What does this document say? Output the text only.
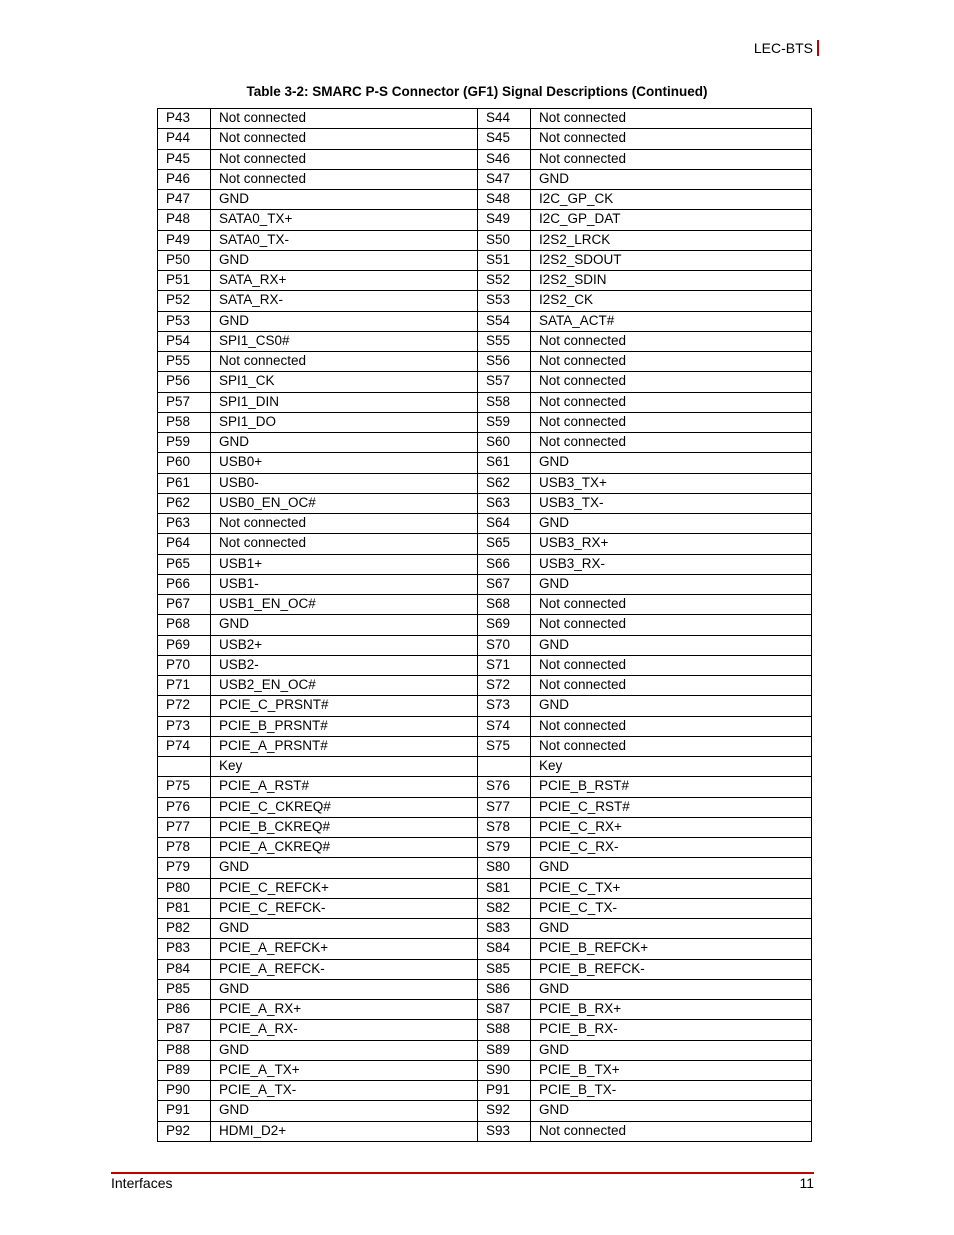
LEC-BTS
Table 3-2: SMARC P-S Connector (GF1) Signal Descriptions (Continued)
P43	Not connected	S44	Not connected
P44	Not connected	S45	Not connected
P45	Not connected	S46	Not connected
P46	Not connected	S47	GND
P47	GND	S48	I2C_GP_CK
P48	SATA0_TX+	S49	I2C_GP_DAT
P49	SATA0_TX-	S50	I2S2_LRCK
P50	GND	S51	I2S2_SDOUT
P51	SATA_RX+	S52	I2S2_SDIN
P52	SATA_RX-	S53	I2S2_CK
P53	GND	S54	SATA_ACT#
P54	SPI1_CS0#	S55	Not connected
P55	Not connected	S56	Not connected
P56	SPI1_CK	S57	Not connected
P57	SPI1_DIN	S58	Not connected
P58	SPI1_DO	S59	Not connected
P59	GND	S60	Not connected
P60	USB0+	S61	GND
P61	USB0-	S62	USB3_TX+
P62	USB0_EN_OC#	S63	USB3_TX-
P63	Not connected	S64	GND
P64	Not connected	S65	USB3_RX+
P65	USB1+	S66	USB3_RX-
P66	USB1-	S67	GND
P67	USB1_EN_OC#	S68	Not connected
P68	GND	S69	Not connected
P69	USB2+	S70	GND
P70	USB2-	S71	Not connected
P71	USB2_EN_OC#	S72	Not connected
P72	PCIE_C_PRSNT#	S73	GND
P73	PCIE_B_PRSNT#	S74	Not connected
P74	PCIE_A_PRSNT#	S75	Not connected
	Key		Key
P75	PCIE_A_RST#	S76	PCIE_B_RST#
P76	PCIE_C_CKREQ#	S77	PCIE_C_RST#
P77	PCIE_B_CKREQ#	S78	PCIE_C_RX+
P78	PCIE_A_CKREQ#	S79	PCIE_C_RX-
P79	GND	S80	GND
P80	PCIE_C_REFCK+	S81	PCIE_C_TX+
P81	PCIE_C_REFCK-	S82	PCIE_C_TX-
P82	GND	S83	GND
P83	PCIE_A_REFCK+	S84	PCIE_B_REFCK+
P84	PCIE_A_REFCK-	S85	PCIE_B_REFCK-
P85	GND	S86	GND
P86	PCIE_A_RX+	S87	PCIE_B_RX+
P87	PCIE_A_RX-	S88	PCIE_B_RX-
P88	GND	S89	GND
P89	PCIE_A_TX+	S90	PCIE_B_TX+
P90	PCIE_A_TX-	P91	PCIE_B_TX-
P91	GND	S92	GND
P92	HDMI_D2+	S93	Not connected
Interfaces	11
